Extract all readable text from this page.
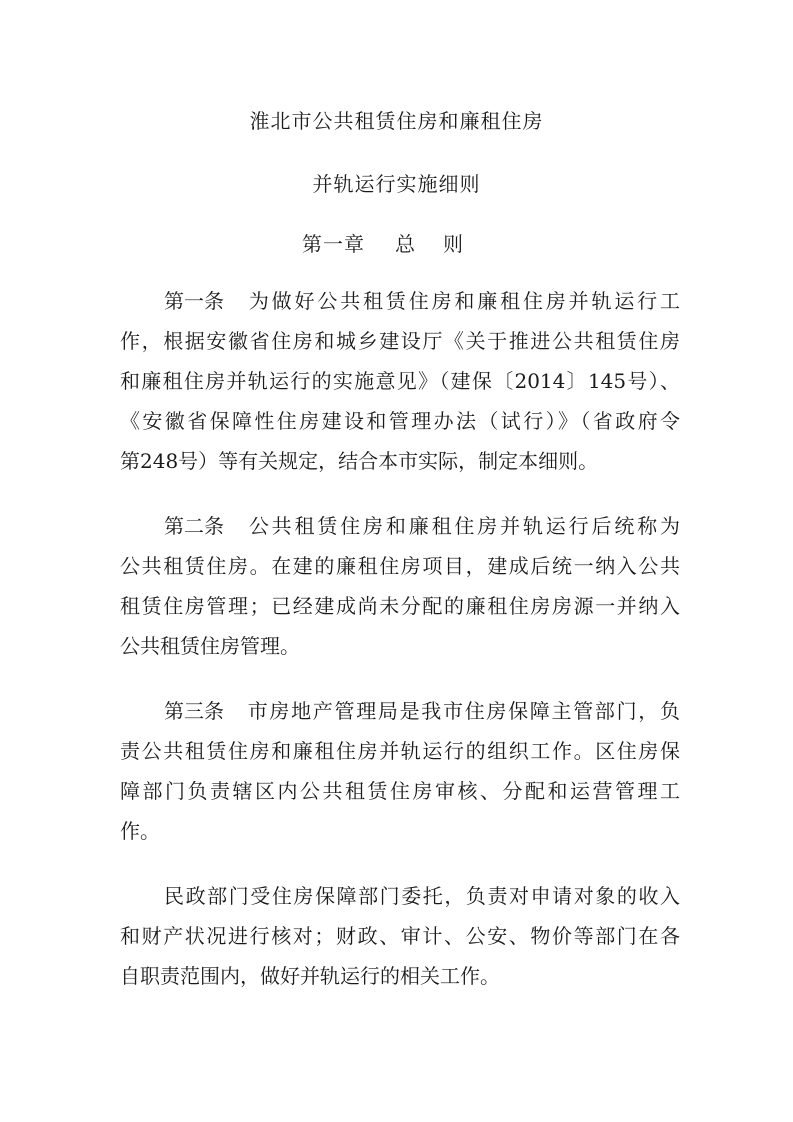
淮北市公共租赁住房和廉租住房
并轨运行实施细则
第一章 总则
第一条 为做好公共租赁住房和廉租住房并轨运行工
作，根据安徽省住房和城乡建设厅《关于推进公共租赁住房
和廉租住房并轨运行的实施意见》（建保〔2014〕145号）、
《安徽省保障性住房建设和管理办法（试行）》（省政府令
第248号）等有关规定，结合本市实际，制定本细则。
第二条 公共租赁住房和廉租住房并轨运行后统称为
公共租赁住房。在建的廉租住房项目，建成后统一纳入公共
租赁住房管理；已经建成尚未分配的廉租住房房源一并纳入
公共租赁住房管理。
第三条 市房地产管理局是我市住房保障主管部门，负
责公共租赁住房和廉租住房并轨运行的组织工作。区住房保
障部门负责辖区内公共租赁住房审核、分配和运营管理工
作。
民政部门受住房保障部门委托，负责对申请对象的收入
和财产状况进行核对；财政、审计、公安、物价等部门在各
自职责范围内，做好并轨运行的相关工作。
